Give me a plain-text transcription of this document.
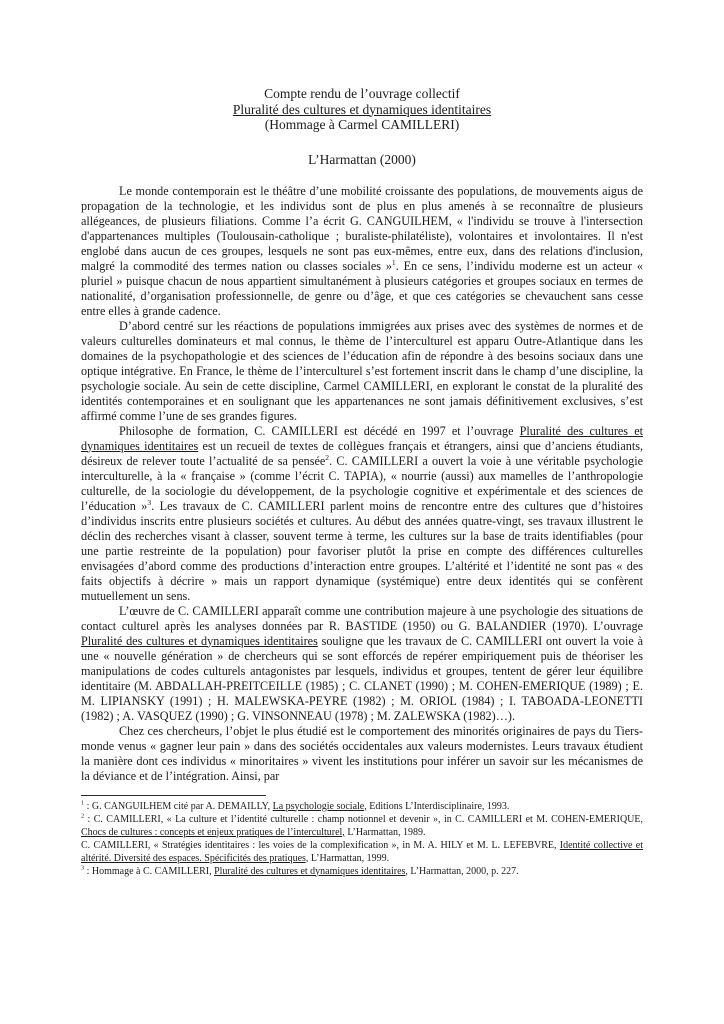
Compte rendu de l’ouvrage collectif
Pluralité des cultures et dynamiques identitaires
(Hommage à Carmel CAMILLERI)
L’Harmattan (2000)

Le monde contemporain est le théâtre d’une mobilité croissante des populations, de mouvements aigus de propagation de la technologie, et les individus sont de plus en plus amenés à se reconnaître de plusieurs allégeances, de plusieurs filiations. Comme l’a écrit G. CANGUILHEM, « l'individu se trouve à l'intersection d'appartenances multiples (Toulousain-catholique ; buraliste-philatéliste), volontaires et involontaires. Il n'est englobé dans aucun de ces groupes, lesquels ne sont pas eux-mêmes, entre eux, dans des relations d'inclusion, malgré la commodité des termes nation ou classes sociales »$^1$. En ce sens, l’individu moderne est un acteur « pluriel » puisque chacun de nous appartient simultanément à plusieurs catégories et groupes sociaux en termes de nationalité, d’organisation professionnelle, de genre ou d’âge, et que ces catégories se chevauchent sans cesse entre elles à grande cadence.

D’abord centré sur les réactions de populations immigrées aux prises avec des systèmes de normes et de valeurs culturelles dominateurs et mal connus, le thème de l’interculturel est apparu Outre-Atlantique dans les domaines de la psychopathologie et des sciences de l’éducation afin de répondre à des besoins sociaux dans une optique intégrative. En France, le thème de l’interculturel s’est fortement inscrit dans le champ d’une discipline, la psychologie sociale. Au sein de cette discipline, Carmel CAMILLERI, en explorant le constat de la pluralité des identités contemporaines et en soulignant que les appartenances ne sont jamais définitivement exclusives, s’est affirmé comme l’une de ses grandes figures.

Philosophe de formation, C. CAMILLERI est décédé en 1997 et l’ouvrage Pluralité des cultures et dynamiques identitaires est un recueil de textes de collègues français et étrangers, ainsi que d’anciens étudiants, désireux de relever toute l’actualité de sa pensée$^2$. C. CAMILLERI a ouvert la voie à une véritable psychologie interculturelle, à la « française » (comme l’écrit C. TAPIA), « nourrie (aussi) aux mamelles de l’anthropologie culturelle, de la sociologie du développement, de la psychologie cognitive et expérimentale et des sciences de l’éducation »$^3$. Les travaux de C. CAMILLERI parlent moins de rencontre entre des cultures que d’histoires d’individus inscrits entre plusieurs sociétés et cultures. Au début des années quatre-vingt, ses travaux illustrent le déclin des recherches visant à classer, souvent terme à terme, les cultures sur la base de traits identifiables (pour une partie restreinte de la population) pour favoriser plutôt la prise en compte des différences culturelles envisagées d’abord comme des productions d’interaction entre groupes. L’altérité et l’identité ne sont pas « des faits objectifs à décrire » mais un rapport dynamique (systémique) entre deux identités qui se confèrent mutuellement un sens.

L’œuvre de C. CAMILLERI apparaît comme une contribution majeure à une psychologie des situations de contact culturel après les analyses données par R. BASTIDE (1950) ou G. BALANDIER (1970). L’ouvrage Pluralité des cultures et dynamiques identitaires souligne que les travaux de C. CAMILLERI ont ouvert la voie à une « nouvelle génération » de chercheurs qui se sont efforcés de repérer empiriquement puis de théoriser les manipulations de codes culturels antagonistes par lesquels, individus et groupes, tentent de gérer leur équilibre identitaire (M. ABDALLAH-PREITCEILLE (1985) ; C. CLANET (1990) ; M. COHEN-EMERIQUE (1989) ; E. M. LIPIANSKY (1991) ; H. MALEWSKA-PEYRE (1982) ; M. ORIOL (1984) ; I. TABOADA-LEONETTI (1982) ; A. VASQUEZ (1990) ; G. VINSONNEAU (1978) ; M. ZALEWSKA (1982)…).

Chez ces chercheurs, l’objet le plus étudié est le comportement des minorités originaires de pays du Tiers-monde venus « gagner leur pain » dans des sociétés occidentales aux valeurs modernistes. Leurs travaux étudient la manière dont ces individus « minoritaires » vivent les institutions pour inférer un savoir sur les mécanismes de la déviance et de l’intégration. Ainsi, par

$^1$ : G. CANGUILHEM cité par A. DEMAILLY, La psychologie sociale, Editions L’Interdisciplinaire, 1993.

$^2$ : C. CAMILLERI, « La culture et l’identité culturelle : champ notionnel et devenir », in C. CAMILLERI et M. COHEN-EMERIQUE, Chocs de cultures : concepts et enjeux pratiques de l’interculturel, L’Harmattan, 1989.

C. CAMILLERI, « Stratégies identitaires : les voies de la complexification », in M. A. HILY et M. L. LEFEBVRE, Identité collective et altérité. Diversité des espaces. Spécificités des pratiques, L’Harmattan, 1999.

$^3$ : Hommage à C. CAMILLERI, Pluralité des cultures et dynamiques identitaires, L’Harmattan, 2000, p. 227.
